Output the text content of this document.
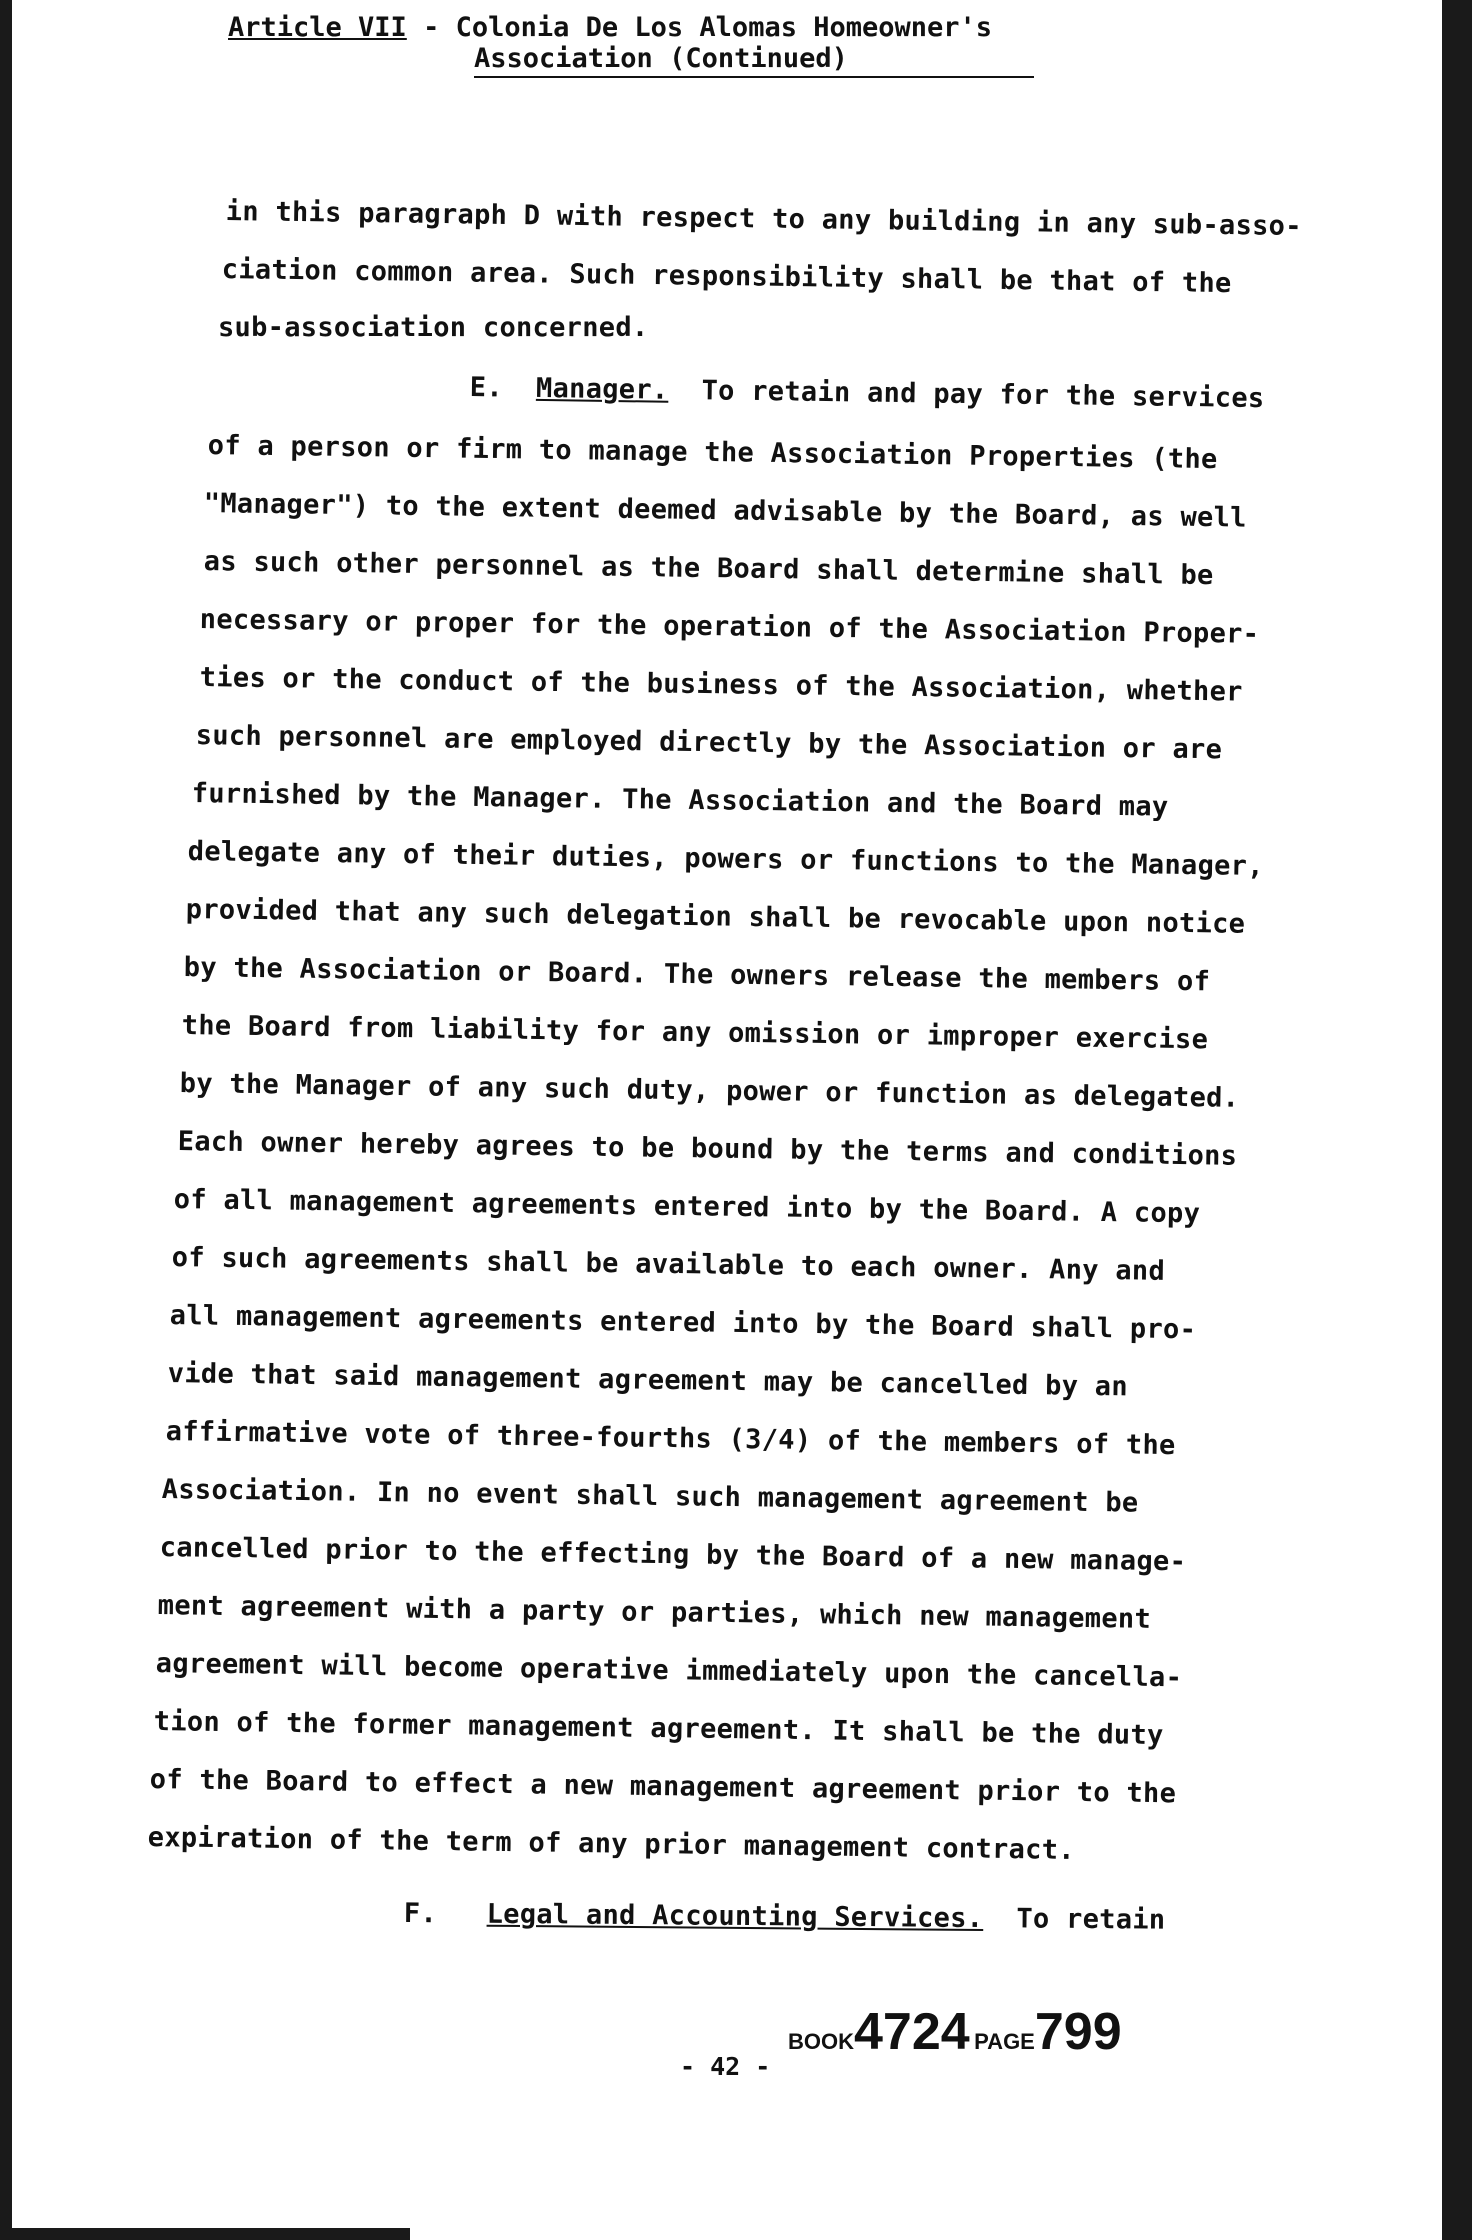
Article VII - Colonia De Los Alomas Homeowner's
Association (Continued)
in this paragraph D with respect to any building in any sub-asso-
ciation common area. Such responsibility shall be that of the
sub-association concerned.
E. Manager. To retain and pay for the services
of a person or firm to manage the Association Properties (the
"Manager") to the extent deemed advisable by the Board, as well
as such other personnel as the Board shall determine shall be
necessary or proper for the operation of the Association Proper-
ties or the conduct of the business of the Association, whether
such personnel are employed directly by the Association or are
furnished by the Manager. The Association and the Board may
delegate any of their duties, powers or functions to the Manager,
provided that any such delegation shall be revocable upon notice
by the Association or Board. The owners release the members of
the Board from liability for any omission or improper exercise
by the Manager of any such duty, power or function as delegated.
Each owner hereby agrees to be bound by the terms and conditions
of all management agreements entered into by the Board. A copy
of such agreements shall be available to each owner. Any and
all management agreements entered into by the Board shall pro-
vide that said management agreement may be cancelled by an
affirmative vote of three-fourths (3/4) of the members of the
Association. In no event shall such management agreement be
cancelled prior to the effecting by the Board of a new manage-
ment agreement with a party or parties, which new management
agreement will become operative immediately upon the cancella-
tion of the former management agreement. It shall be the duty
of the Board to effect a new management agreement prior to the
expiration of the term of any prior management contract.
F. Legal and Accounting Services. To retain
BOOK4724 PAGE799
- 42 -
